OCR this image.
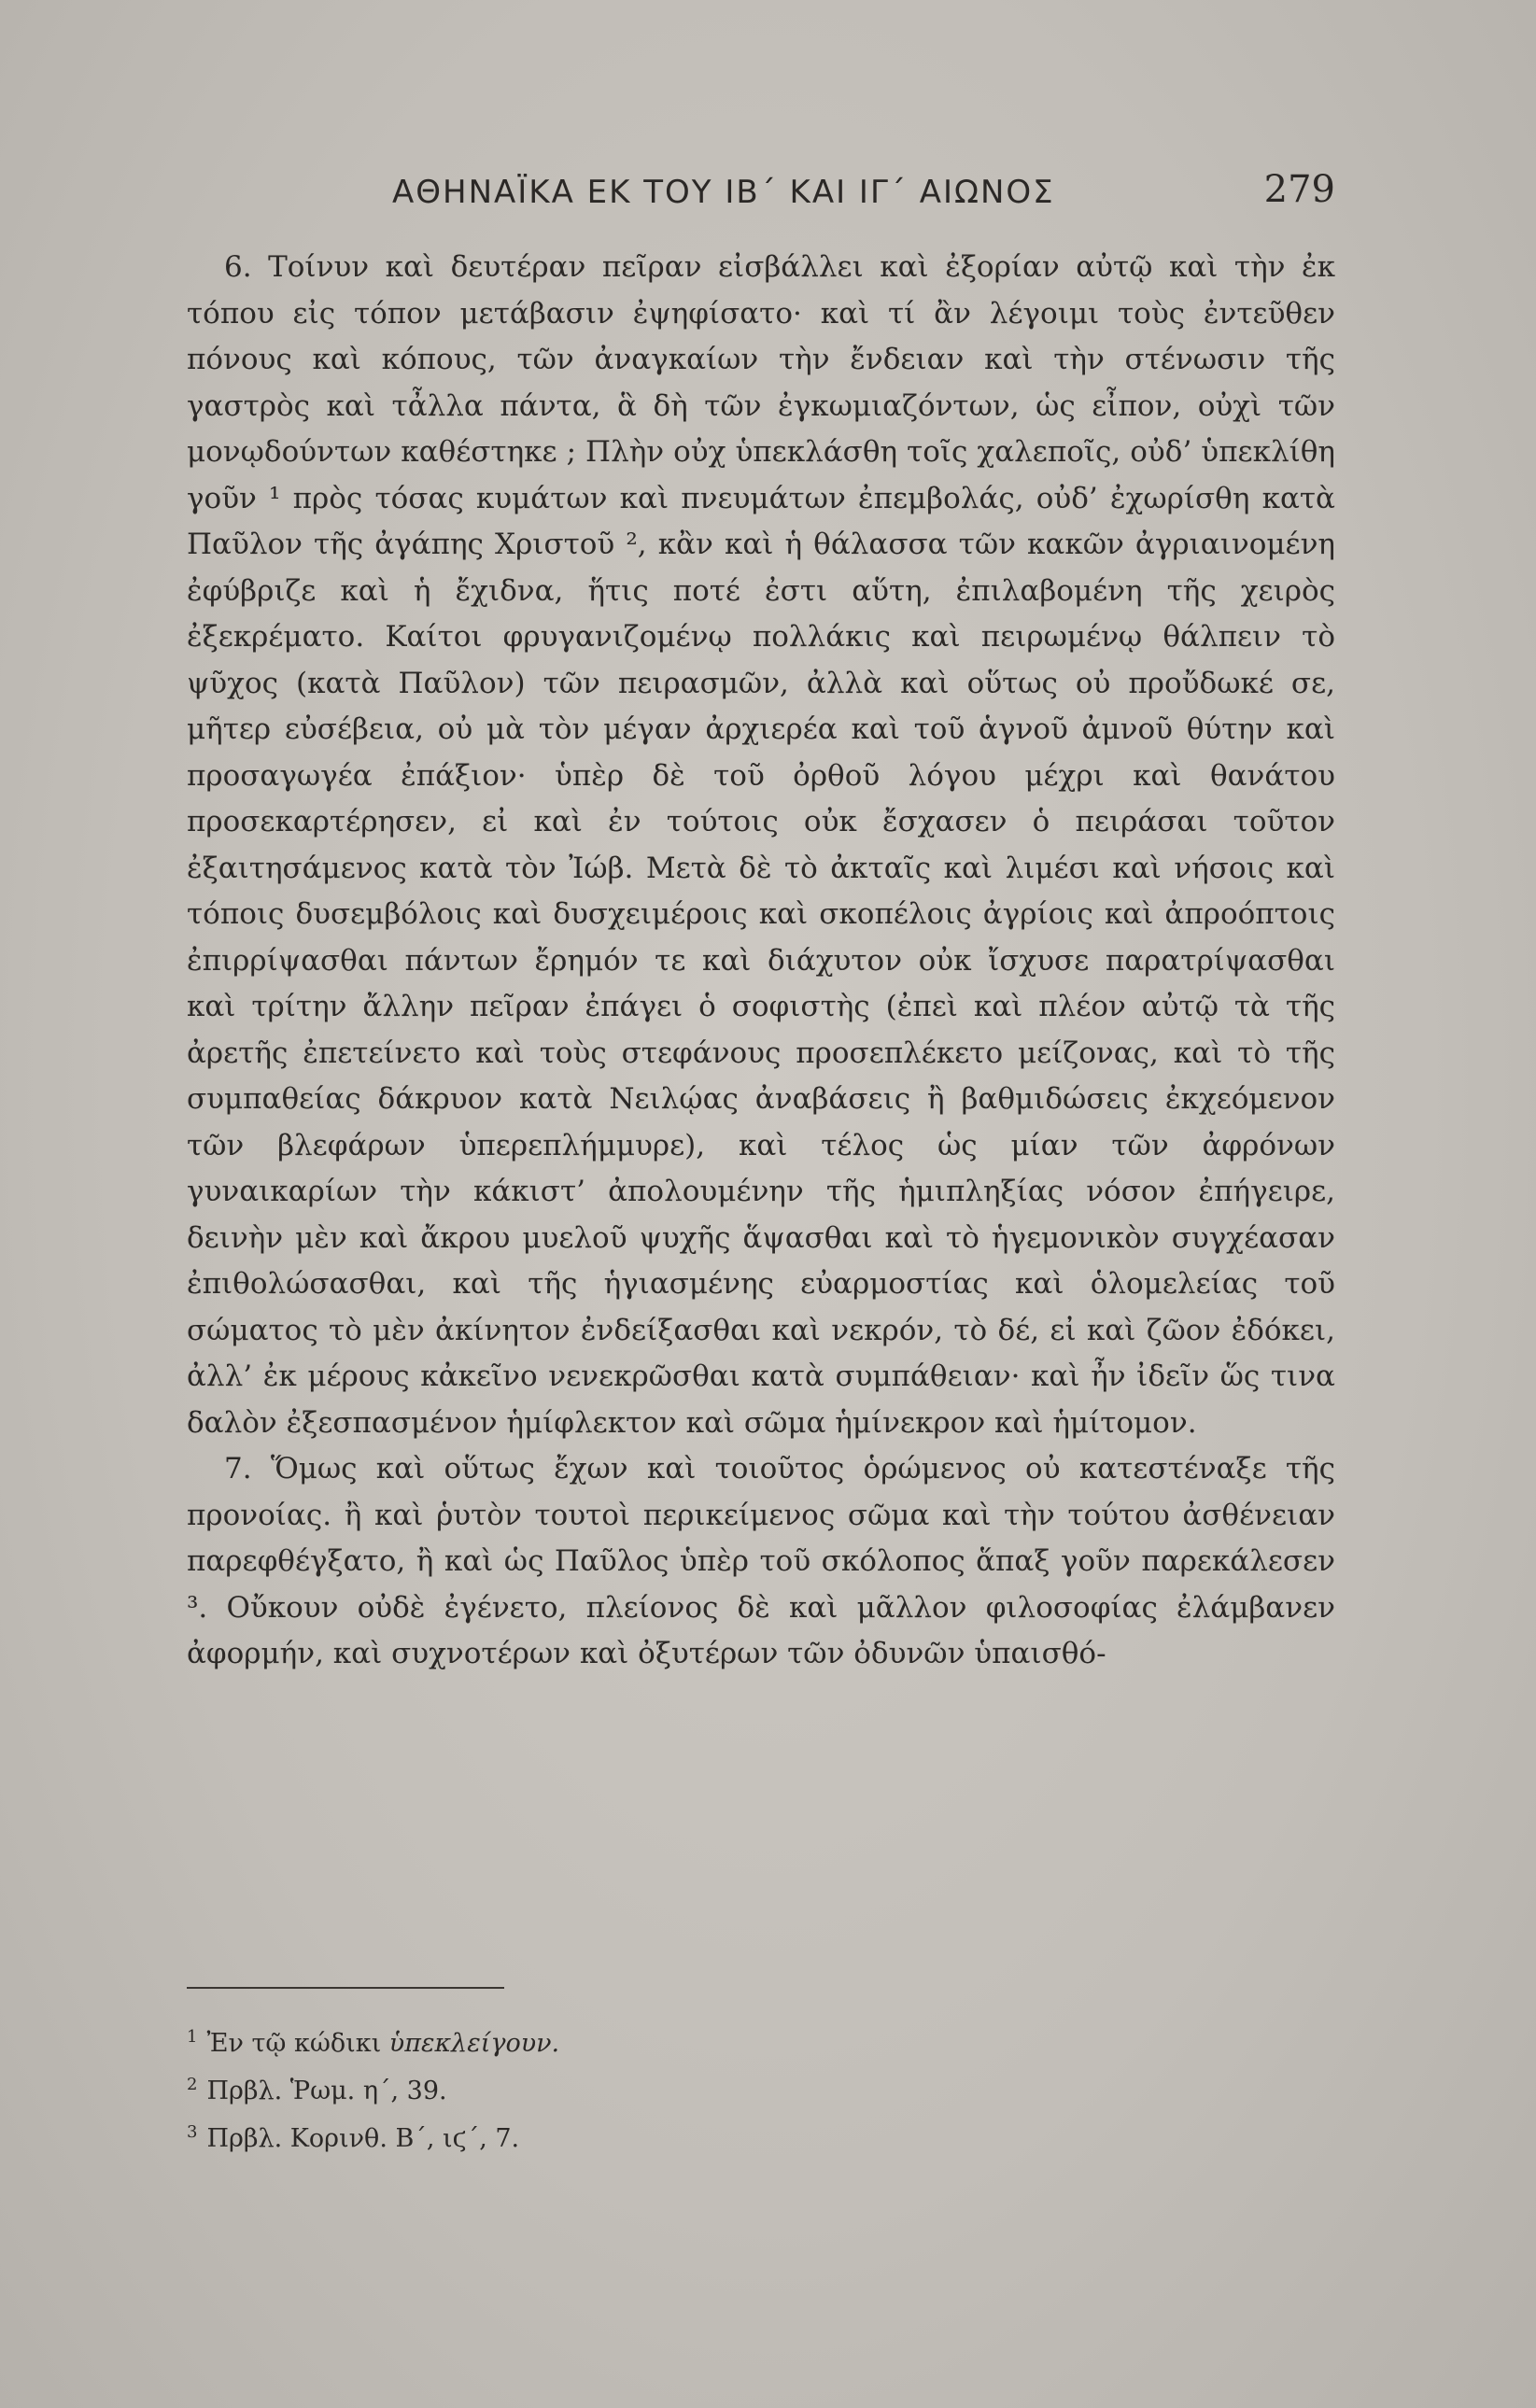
ΑΘΗΝΑΪΚΑ ΕΚ ΤΟΥ ΙΒ΄ ΚΑΙ ΙΓ΄ ΑΙΩΝΟΣ	279

6. Τοίνυν καὶ δευτέραν πεῖραν εἰσβάλλει καὶ ἐξορίαν αὐτῷ καὶ τὴν ἐκ τόπου εἰς τόπον μετάβασιν ἐψηφίσατο· καὶ τί ἂν λέγοιμι τοὺς ἐντεῦθεν πόνους καὶ κόπους, τῶν ἀναγκαίων τὴν ἔνδειαν καὶ τὴν στένωσιν τῆς γαστρὸς καὶ τἆλλα πάντα, ἃ δὴ τῶν ἐγκωμιαζόντων, ὡς εἶπον, οὐχὶ τῶν μονῳδούντων καθέστηκε ; Πλὴν οὐχ ὑπεκλάσθη τοῖς χαλεποῖς, οὐδ’ ὑπεκλίθη γοῦν ¹ πρὸς τόσας κυμάτων καὶ πνευμάτων ἐπεμβολάς, οὐδ’ ἐχωρίσθη κατὰ Παῦλον τῆς ἀγάπης Χριστοῦ ², κἂν καὶ ἡ θάλασσα τῶν κακῶν ἀγριαινομένη ἐφύβριζε καὶ ἡ ἔχιδνα, ἥτις ποτέ ἐστι αὕτη, ἐπιλαβομένη τῆς χειρὸς ἐξεκρέματο. Καίτοι φρυγανιζομένῳ πολλάκις καὶ πειρωμένῳ θάλπειν τὸ ψῦχος (κατὰ Παῦλον) τῶν πειρασμῶν, ἀλλὰ καὶ οὕτως οὐ προὔδωκέ σε, μῆτερ εὐσέβεια, οὐ μὰ τὸν μέγαν ἀρχιερέα καὶ τοῦ ἁγνοῦ ἀμνοῦ θύτην καὶ προσαγωγέα ἐπάξιον· ὑπὲρ δὲ τοῦ ὀρθοῦ λόγου μέχρι καὶ θανάτου προσεκαρτέρησεν, εἰ καὶ ἐν τούτοις οὐκ ἔσχασεν ὁ πειράσαι τοῦτον ἐξαιτησάμενος κατὰ τὸν Ἰώβ. Μετὰ δὲ τὸ ἀκταῖς καὶ λιμέσι καὶ νήσοις καὶ τόποις δυσεμβόλοις καὶ δυσχειμέροις καὶ σκοπέλοις ἀγρίοις καὶ ἀπροόπτοις ἐπιρρίψασθαι πάντων ἔρημόν τε καὶ διάχυτον οὐκ ἴσχυσε παρατρίψασθαι καὶ τρίτην ἄλλην πεῖραν ἐπάγει ὁ σοφιστὴς (ἐπεὶ καὶ πλέον αὐτῷ τὰ τῆς ἀρετῆς ἐπετείνετο καὶ τοὺς στεφάνους προσεπλέκετο μείζονας, καὶ τὸ τῆς συμπαθείας δάκρυον κατὰ Νειλῴας ἀναβάσεις ἢ βαθμιδώσεις ἐκχεόμενον τῶν βλεφάρων ὑπερεπλήμμυρε), καὶ τέλος ὡς μίαν τῶν ἀφρόνων γυναικαρίων τὴν κάκιστ’ ἀπολουμένην τῆς ἡμιπληξίας νόσον ἐπήγειρε, δεινὴν μὲν καὶ ἄκρου μυελοῦ ψυχῆς ἅψασθαι καὶ τὸ ἡγεμονικὸν συγχέασαν ἐπιθολώσασθαι, καὶ τῆς ἡγιασμένης εὐαρμοστίας καὶ ὁλομελείας τοῦ σώματος τὸ μὲν ἀκίνητον ἐνδείξασθαι καὶ νεκρόν, τὸ δέ, εἰ καὶ ζῶον ἐδόκει, ἀλλ’ ἐκ μέρους κἀκεῖνο νενεκρῶσθαι κατὰ συμπάθειαν· καὶ ἦν ἰδεῖν ὥς τινα δαλὸν ἐξεσπασμένον ἡμίφλεκτον καὶ σῶμα ἡμίνεκρον καὶ ἡμίτομον.

7. Ὅμως καὶ οὕτως ἔχων καὶ τοιοῦτος ὁρώμενος οὐ κατεστέναξε τῆς προνοίας. ἢ καὶ ῥυτὸν τουτοὶ περικείμενος σῶμα καὶ τὴν τούτου ἀσθένειαν παρεφθέγξατο, ἢ καὶ ὡς Παῦλος ὑπὲρ τοῦ σκόλοπος ἅπαξ γοῦν παρεκάλεσεν ³. Οὔκουν οὐδὲ ἐγένετο, πλείονος δὲ καὶ μᾶλλον φιλοσοφίας ἐλάμβανεν ἀφορμήν, καὶ συχνοτέρων καὶ ὀξυτέρων τῶν ὀδυνῶν ὑπαισθό-

$^1$ Ἐν τῷ κώδικι ὑπεκλείγουν.
$^2$ Πρβλ. Ῥωμ. η΄, 39.
$^3$ Πρβλ. Κορινθ. Β΄, ιϛ΄, 7.
